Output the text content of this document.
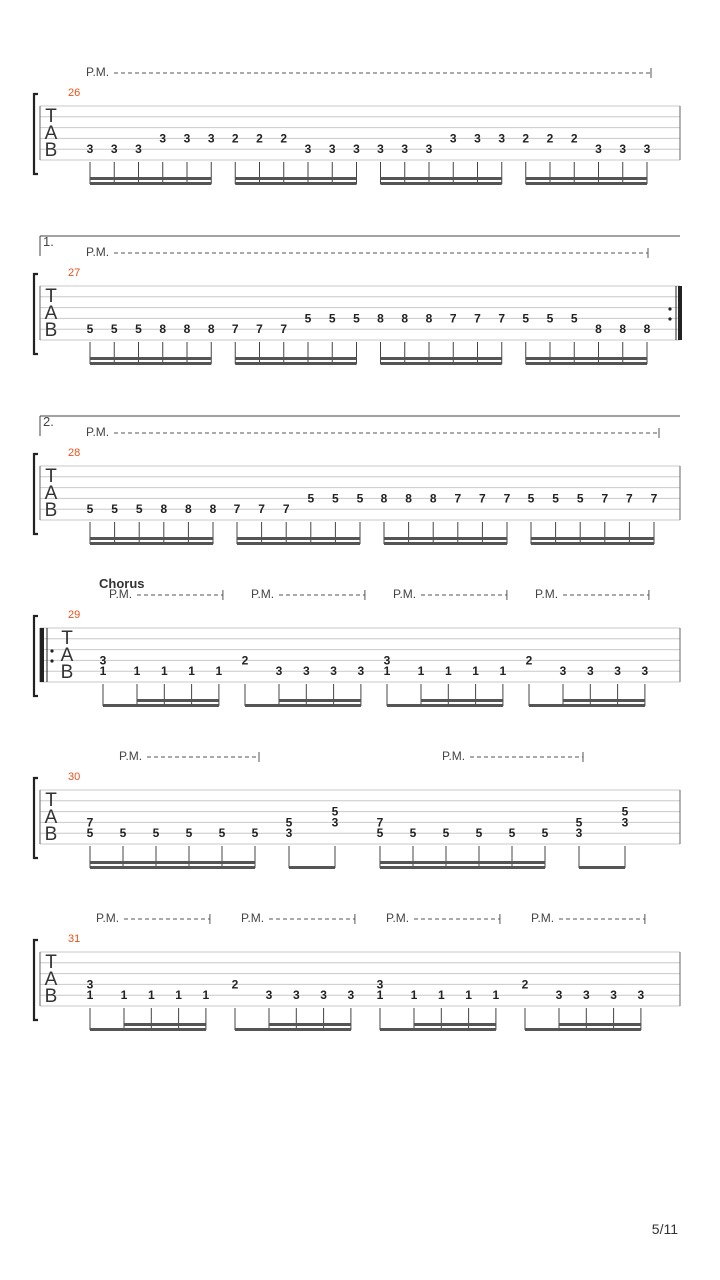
T
A
B
26
3 3 3
3 3 3 2 2 2
3 3 3 3 3 3
3 3 3 2 2 2
3 3 3
P.M.
T
A
B
27
1.
5 5 5 8 8 8 7 7 7
5 5 5 8 8 8 7 7 7 5 5 5
8 8 8
P.M.
T
A
B
28
2.
5 5 5 8 8 8 7 7 7
5 5 5 8 8 8 7 7 7 5 5 5 7 7 7
P.M.
T
A
B
29
Chorus
1
3
1 1 1 1
2
3 3 3 3 1
3
1 1 1 1
2
3 3 3 3
P.M.	P.M.	P.M.	P.M.
T
A
B
30
5
7
5 5 5 5 5 3
5	3
5
5
7
5 5 5 5 5 3
5	3
5
P.M.	P.M.
T
A
B
31
1
3
1 1 1 1
2
3 3 3 3 1
3
1 1 1 1
2
3 3 3 3
P.M.	P.M.	P.M.	P.M.
5/11
